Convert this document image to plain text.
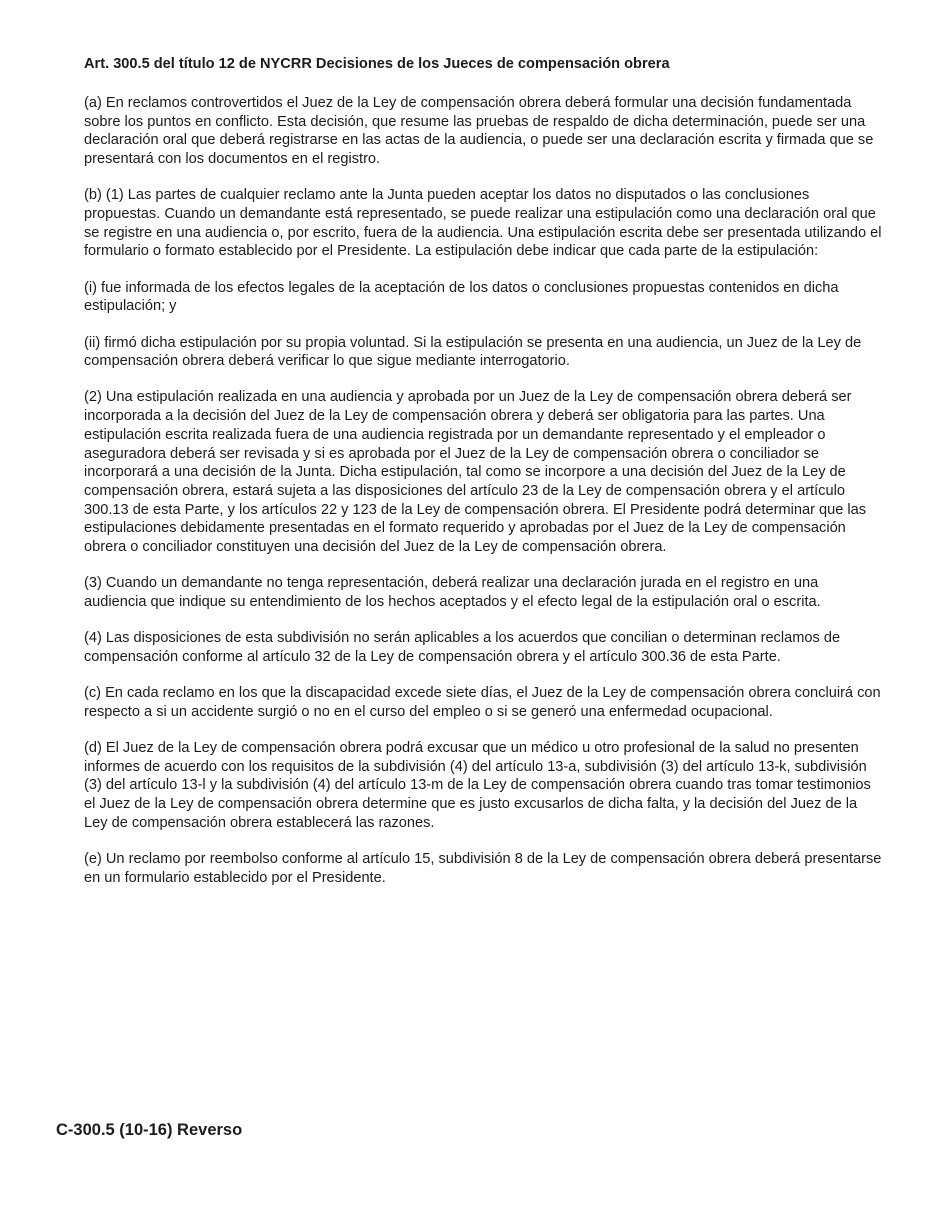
Art. 300.5 del título 12 de NYCRR Decisiones de los Jueces de compensación obrera

(a) En reclamos controvertidos el Juez de la Ley de compensación obrera deberá formular una decisión fundamentada sobre los puntos en conflicto. Esta decisión, que resume las pruebas de respaldo de dicha determinación, puede ser una declaración oral que deberá registrarse en las actas de la audiencia, o puede ser una declaración escrita y firmada que se presentará con los documentos en el registro.

(b) (1) Las partes de cualquier reclamo ante la Junta pueden aceptar los datos no disputados o las conclusiones propuestas. Cuando un demandante está representado, se puede realizar una estipulación como una declaración oral que se registre en una audiencia o, por escrito, fuera de la audiencia. Una estipulación escrita debe ser presentada utilizando el formulario o formato establecido por el Presidente. La estipulación debe indicar que cada parte de la estipulación:

(i) fue informada de los efectos legales de la aceptación de los datos o conclusiones propuestas contenidos en dicha estipulación; y

(ii) firmó dicha estipulación por su propia voluntad. Si la estipulación se presenta en una audiencia, un Juez de la Ley de compensación obrera deberá verificar lo que sigue mediante interrogatorio.

(2) Una estipulación realizada en una audiencia y aprobada por un Juez de la Ley de compensación obrera deberá ser incorporada a la decisión del Juez de la Ley de compensación obrera y deberá ser obligatoria para las partes. Una estipulación escrita realizada fuera de una audiencia registrada por un demandante representado y el empleador o aseguradora deberá ser revisada y si es aprobada por el Juez de la Ley de compensación obrera o conciliador se incorporará a una decisión de la Junta. Dicha estipulación, tal como se incorpore a una decisión del Juez de la Ley de compensación obrera, estará sujeta a las disposiciones del artículo 23 de la Ley de compensación obrera y el artículo 300.13 de esta Parte, y los artículos 22 y 123 de la Ley de compensación obrera. El Presidente podrá determinar que las estipulaciones debidamente presentadas en el formato requerido y aprobadas por el Juez de la Ley de compensación obrera o conciliador constituyen una decisión del Juez de la Ley de compensación obrera.

(3) Cuando un demandante no tenga representación, deberá realizar una declaración jurada en el registro en una audiencia que indique su entendimiento de los hechos aceptados y el efecto legal de la estipulación oral o escrita.

(4) Las disposiciones de esta subdivisión no serán aplicables a los acuerdos que concilian o determinan reclamos de compensación conforme al artículo 32 de la Ley de compensación obrera y el artículo 300.36 de esta Parte.

(c) En cada reclamo en los que la discapacidad excede siete días, el Juez de la Ley de compensación obrera concluirá con respecto a si un accidente surgió o no en el curso del empleo o si se generó una enfermedad ocupacional.

(d) El Juez de la Ley de compensación obrera podrá excusar que un médico u otro profesional de la salud no presenten informes de acuerdo con los requisitos de la subdivisión (4) del artículo 13-a, subdivisión (3) del artículo 13-k, subdivisión (3) del artículo 13-l y la subdivisión (4) del artículo 13-m de la Ley de compensación obrera cuando tras tomar testimonios el Juez de la Ley de compensación obrera determine que es justo excusarlos de dicha falta, y la decisión del Juez de la Ley de compensación obrera establecerá las razones.

(e) Un reclamo por reembolso conforme al artículo 15, subdivisión 8 de la Ley de compensación obrera deberá presentarse en un formulario establecido por el Presidente.

C-300.5 (10-16) Reverso
